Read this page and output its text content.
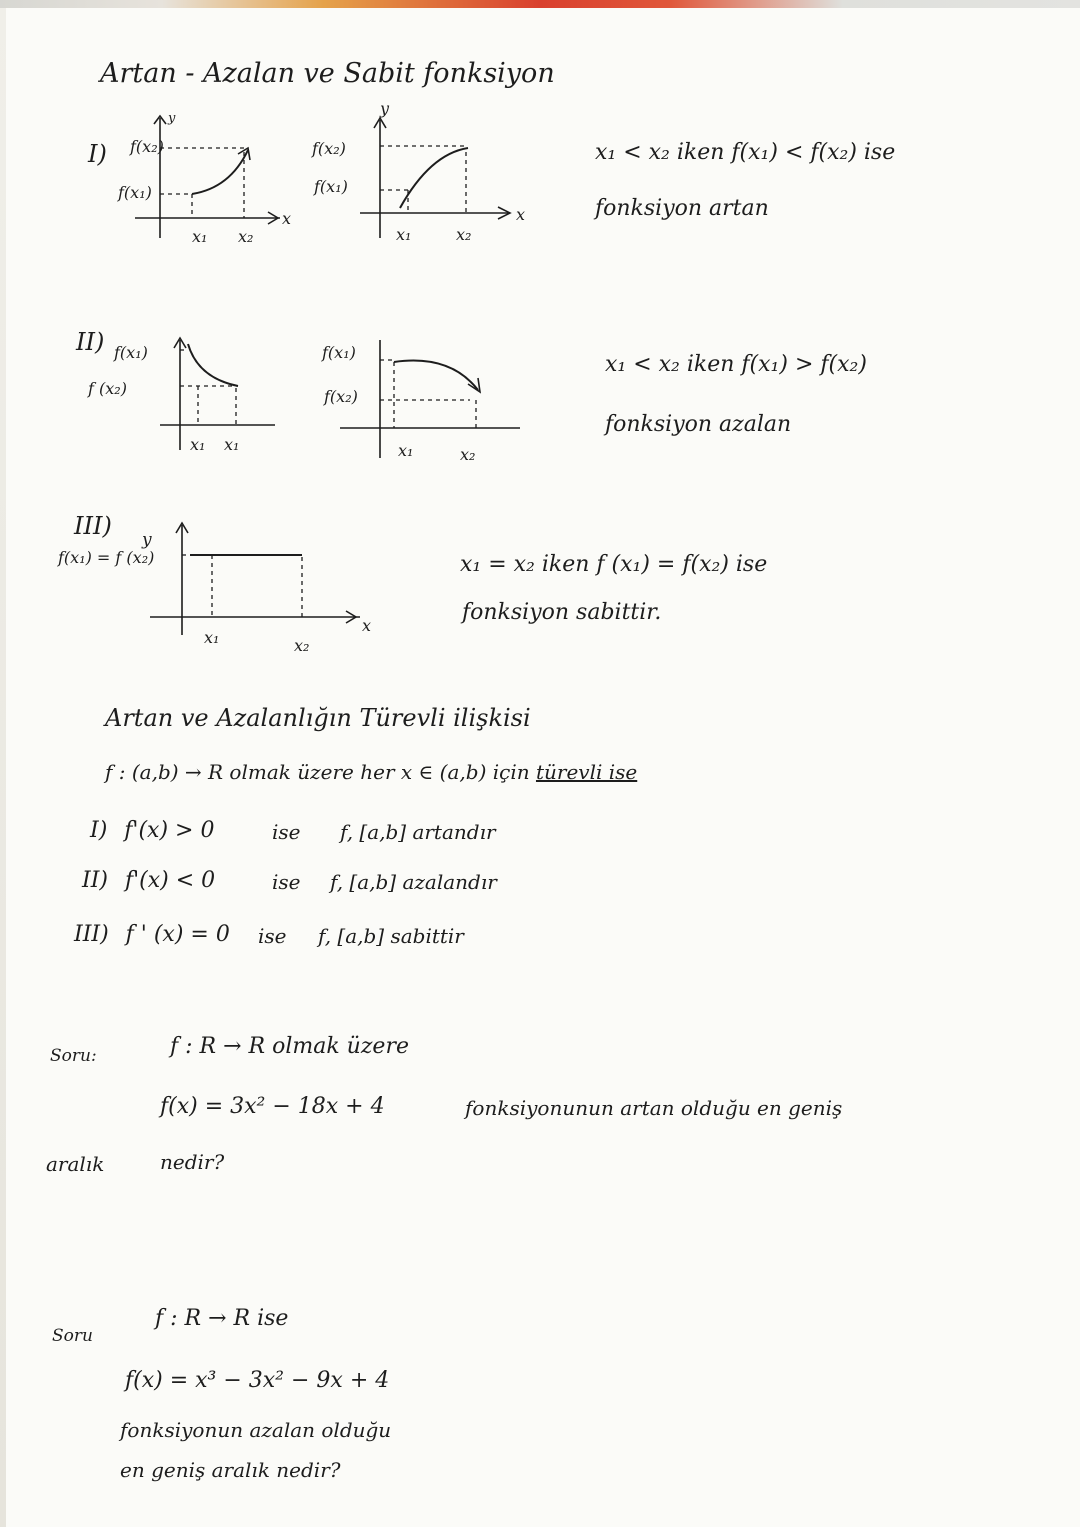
Artan - Azalan ve Sabit fonksiyon
I) f(x₂)
f(x₁)
y
x
x₁ x₂
y
f(x₂)
f(x₁)
x
x₁	x₂
x₁ < x₂ iken f(x₁) < f(x₂) ise
fonksiyon artan
II) f(x₁)
f (x₂)
x₁ x₁
f(x₁)
f(x₂)
x₁	x₂
x₁ < x₂ iken f(x₁) > f(x₂)
fonksiyon azalan
III) y
f(x₁) = f (x₂)
x
x₁	x₂
x₁ = x₂ iken f (x₁) = f(x₂) ise
fonksiyon sabittir.
Artan ve Azalanlığın Türevli ilişkisi
f : (a,b) → R olmak üzere her x ∈ (a,b) için türevli ise
I) f'(x) > 0	ise f, [a,b] artandır
II) f'(x) < 0	ise f, [a,b] azalandır
III) f ' (x) = 0 ise f, [a,b] sabittir
Soru:	f : R → R olmak üzere
f(x) = 3x² − 18x + 4	fonksiyonunun artan olduğu en geniş
aralık	nedir?
Soru
f : R → R ise
f(x) = x³ − 3x² − 9x + 4
fonksiyonun azalan olduğu
en geniş aralık nedir?
